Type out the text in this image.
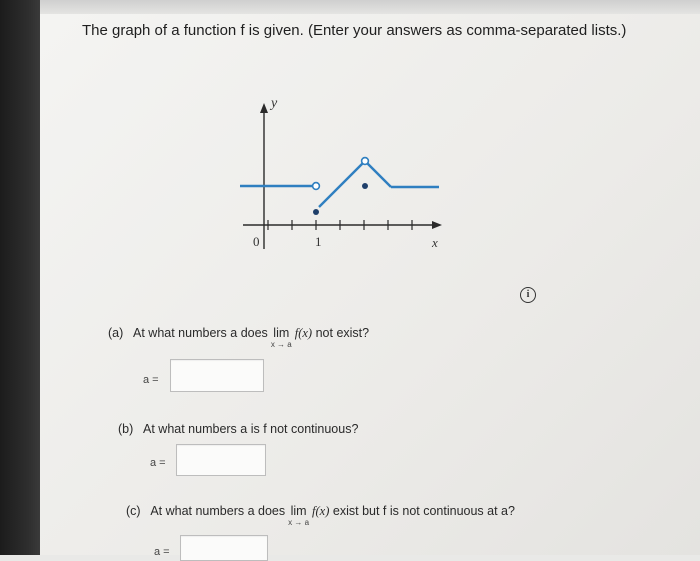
The graph of a function f is given. (Enter your answers as comma-separated lists.)
y
x
0	1
i
(a) At what numbers a does lim
x → a
f(x) not exist?
a =
(b) At what numbers a is f not continuous?
a =
(c) At what numbers a does lim
x → a
f(x) exist but f is not continuous at a?
a =
